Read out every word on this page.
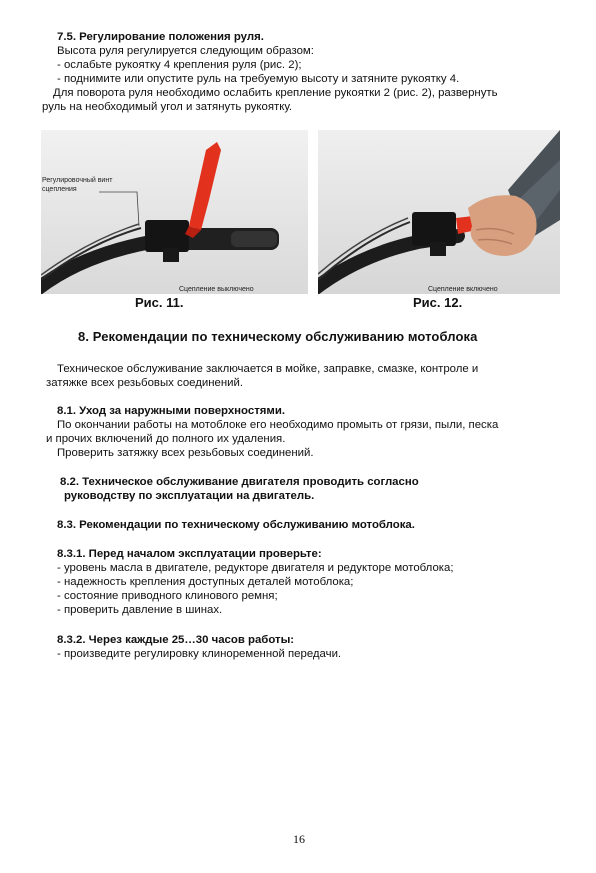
7.5. Регулирование положения руля.
Высота руля регулируется следующим образом:
- ослабьте рукоятку 4 крепления руля (рис. 2);
- поднимите или опустите руль на требуемую высоту и затяните рукоятку 4.
Для поворота руля необходимо ослабить крепление рукоятки 2 (рис. 2), развернуть
руль на необходимый угол и затянуть рукоятку.
Регулировочный винт
сцепления
Сцепление выключено
Рис. 11.
Сцепление включено
Рис. 12.
8. Рекомендации по техническому обслуживанию мотоблока
Техническое обслуживание заключается в мойке, заправке, смазке, контроле и
затяжке всех резьбовых соединений.
8.1. Уход за наружными поверхностями.
По окончании работы на мотоблоке его необходимо промыть от грязи, пыли, песка
и прочих включений до полного их удаления.
Проверить затяжку всех резьбовых соединений.
8.2. Техническое обслуживание двигателя проводить согласно
руководству по эксплуатации на двигатель.
8.3. Рекомендации по техническому обслуживанию мотоблока.
8.3.1. Перед началом эксплуатации проверьте:
- уровень масла в двигателе, редукторе двигателя и редукторе мотоблока;
- надежность крепления доступных деталей мотоблока;
- состояние приводного клинового ремня;
- проверить давление в шинах.
8.3.2. Через каждые 25…30 часов работы:
- произведите регулировку клиноременной передачи.
16
